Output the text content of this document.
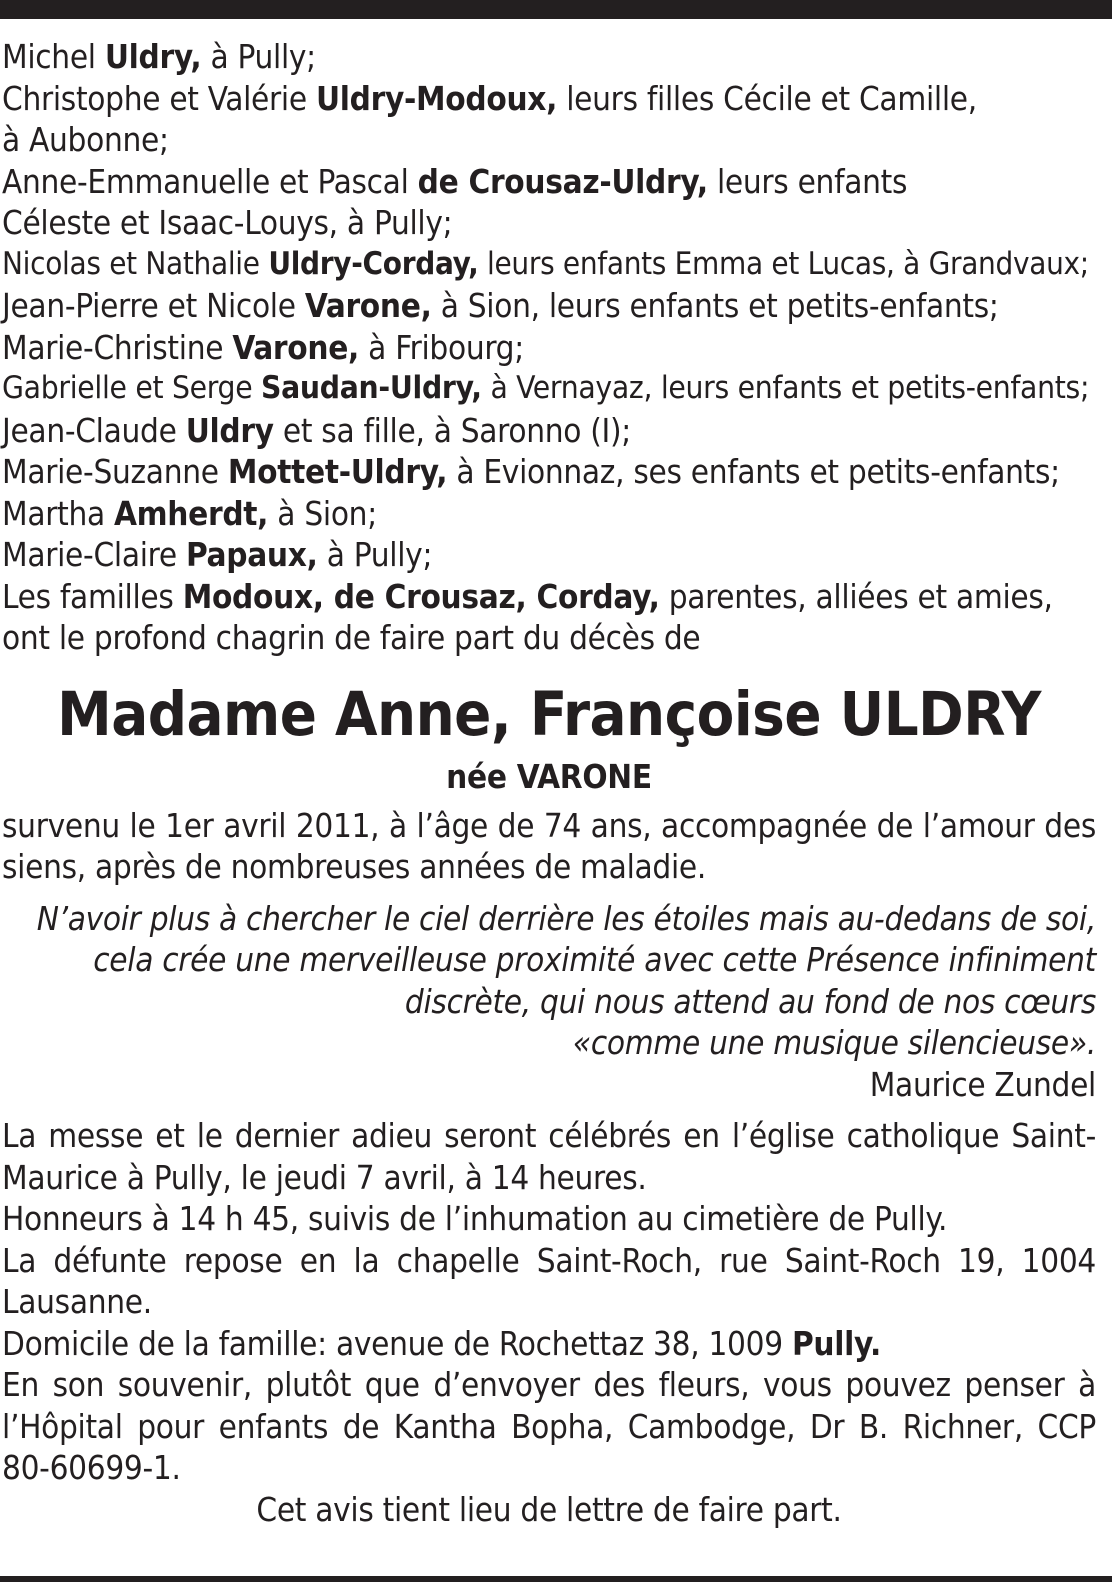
Michel Uldry, à Pully;
Christophe et Valérie Uldry-Modoux, leurs filles Cécile et Camille,
à Aubonne;
Anne-Emmanuelle et Pascal de Crousaz-Uldry, leurs enfants
Céleste et Isaac-Louys, à Pully;
Nicolas et Nathalie Uldry-Corday, leurs enfants Emma et Lucas, à Grandvaux;
Jean-Pierre et Nicole Varone, à Sion, leurs enfants et petits-enfants;
Marie-Christine Varone, à Fribourg;
Gabrielle et Serge Saudan-Uldry, à Vernayaz, leurs enfants et petits-enfants;
Jean-Claude Uldry et sa fille, à Saronno (I);
Marie-Suzanne Mottet-Uldry, à Evionnaz, ses enfants et petits-enfants;
Martha Amherdt, à Sion;
Marie-Claire Papaux, à Pully;
Les familles Modoux, de Crousaz, Corday, parentes, alliées et amies,
ont le profond chagrin de faire part du décès de
Madame Anne, Françoise ULDRY
née VARONE
survenu le 1er avril 2011, à l’âge de 74 ans, accompagnée de l’amour des siens, après de nombreuses années de maladie.
N’avoir plus à chercher le ciel derrière les étoiles mais au-dedans de soi,
cela crée une merveilleuse proximité avec cette Présence infiniment
discrète, qui nous attend au fond de nos cœurs
«comme une musique silencieuse».
Maurice Zundel
La messe et le dernier adieu seront célébrés en l’église catholique Saint-Maurice à Pully, le jeudi 7 avril, à 14 heures.
Honneurs à 14 h 45, suivis de l’inhumation au cimetière de Pully.
La défunte repose en la chapelle Saint-Roch, rue Saint-Roch 19, 1004 Lausanne.
Domicile de la famille: avenue de Rochettaz 38, 1009 Pully.
En son souvenir, plutôt que d’envoyer des fleurs, vous pouvez penser à l’Hôpital pour enfants de Kantha Bopha, Cambodge, Dr B. Richner, CCP 80-60699-1.
Cet avis tient lieu de lettre de faire part.
